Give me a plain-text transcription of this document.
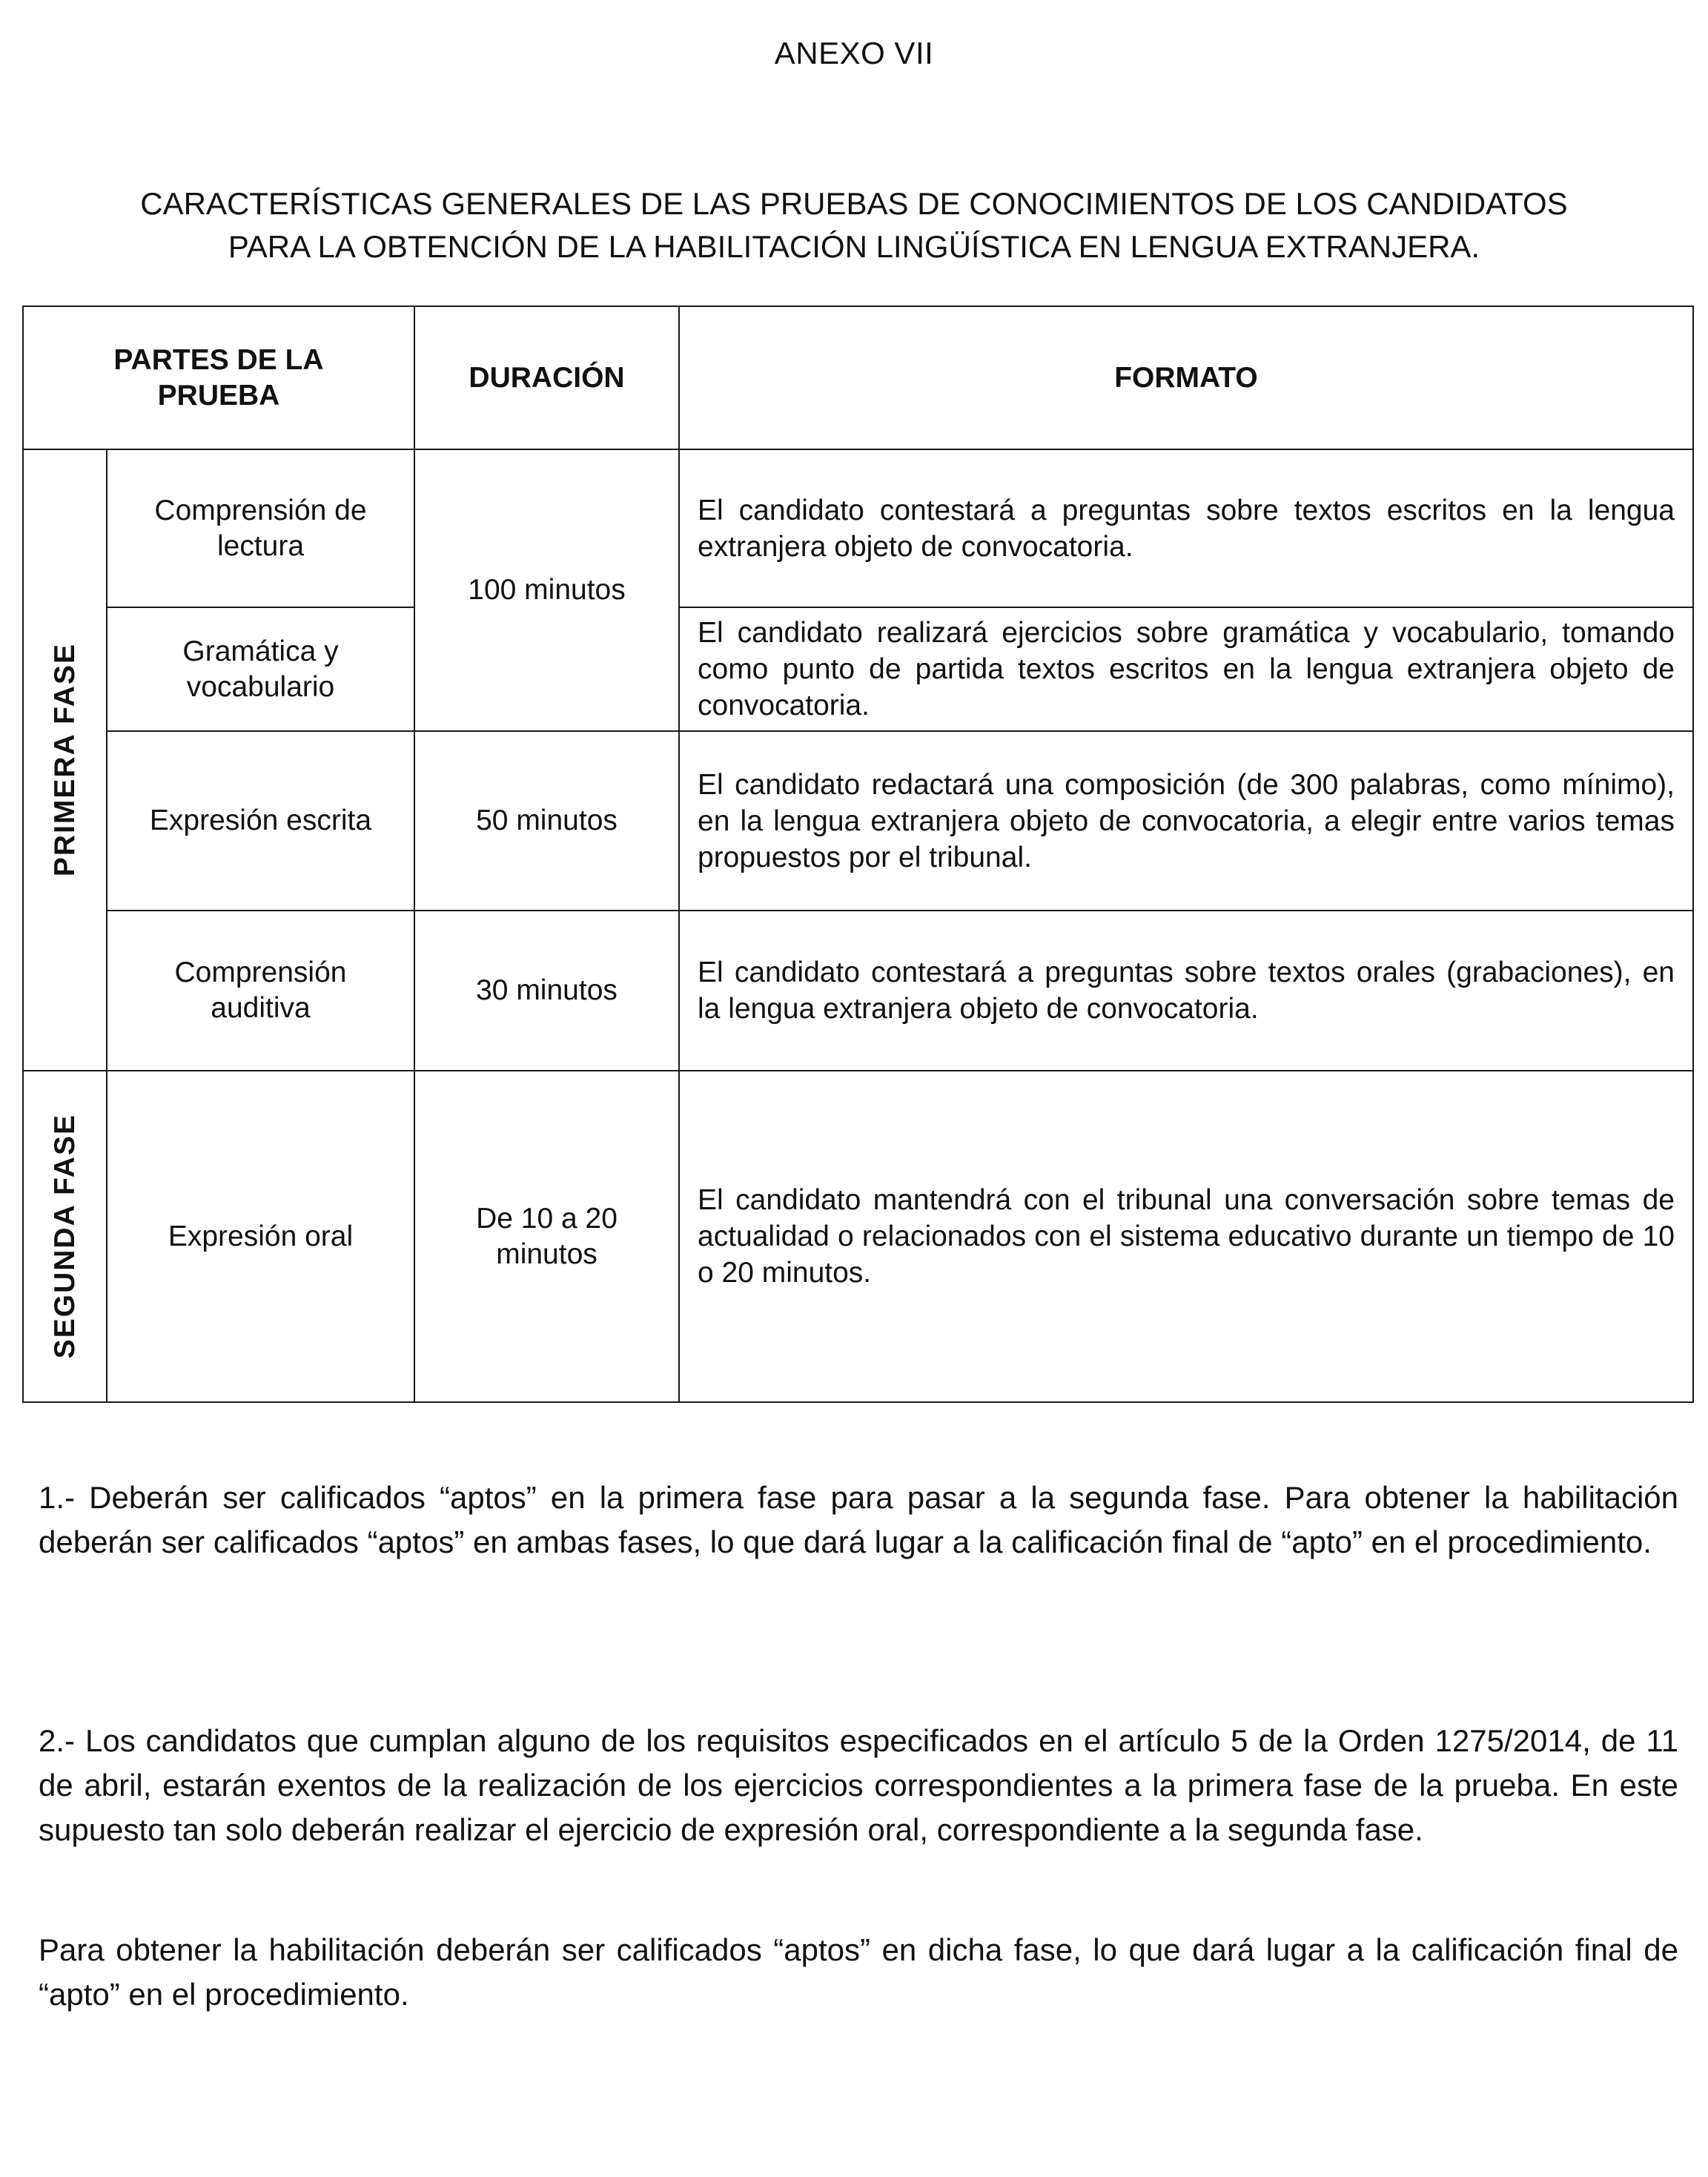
ANEXO VII
CARACTERÍSTICAS GENERALES DE LAS PRUEBAS DE CONOCIMIENTOS DE LOS CANDIDATOS
PARA LA OBTENCIÓN DE LA HABILITACIÓN LINGÜÍSTICA EN LENGUA EXTRANJERA.
PARTES DE LA PRUEBA		DURACIÓN	FORMATO

PRIMERA FASE	Comprensión de lectura	100 minutos	El candidato contestará a preguntas sobre textos escritos en la lengua extranjera objeto de convocatoria.

	Gramática y vocabulario		El candidato realizará ejercicios sobre gramática y vocabulario, tomando como punto de partida textos escritos en la lengua extranjera objeto de convocatoria.
	Expresión escrita	50 minutos	El candidato redactará una composición (de 300 palabras, como mínimo), en la lengua extranjera objeto de convocatoria, a elegir entre varios temas propuestos por el tribunal.

	Comprensión auditiva	30 minutos	El candidato contestará a preguntas sobre textos orales (grabaciones), en la lengua extranjera objeto de convocatoria.

SEGUNDA FASE	Expresión oral	De 10 a 20 minutos	El candidato mantendrá con el tribunal una conversación sobre temas de actualidad o relacionados con el sistema educativo durante un tiempo de 10 o 20 minutos.

1.- Deberán ser calificados “aptos” en la primera fase para pasar a la segunda fase. Para obtener la habilitación deberán ser calificados “aptos” en ambas fases, lo que dará lugar a la calificación final de “apto” en el procedimiento.

2.- Los candidatos que cumplan alguno de los requisitos especificados en el artículo 5 de la Orden 1275/2014, de 11 de abril, estarán exentos de la realización de los ejercicios correspondientes a la primera fase de la prueba. En este supuesto tan solo deberán realizar el ejercicio de expresión oral, correspondiente a la segunda fase.

Para obtener la habilitación deberán ser calificados “aptos” en dicha fase, lo que dará lugar a la calificación final de “apto” en el procedimiento.
